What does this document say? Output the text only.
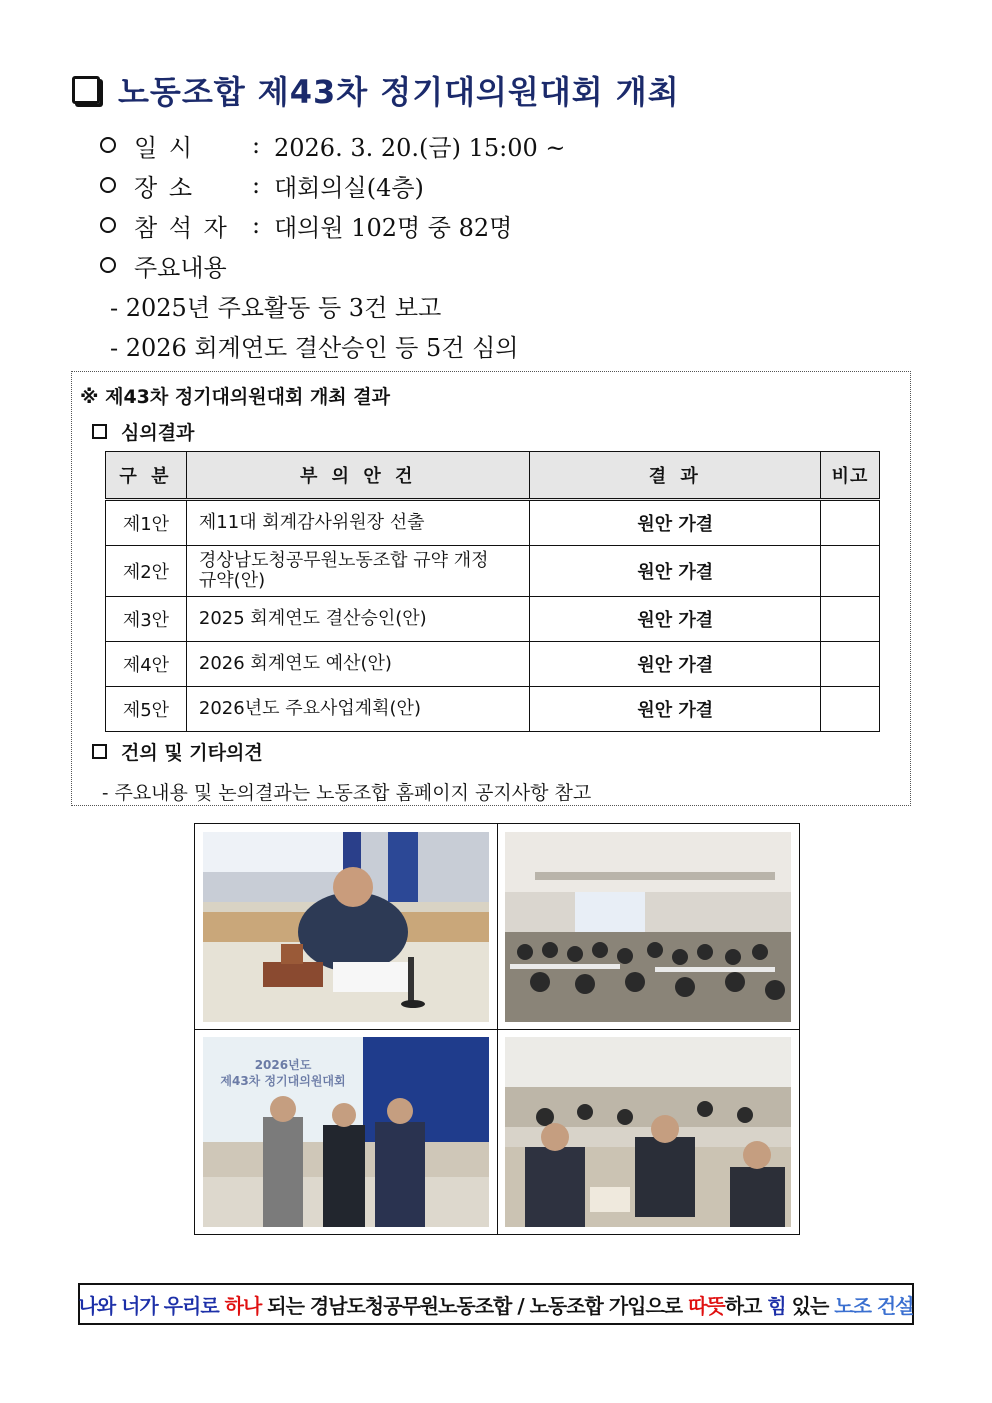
노동조합 제43차 정기대의원대회 개최
일 시	: 2026. 3. 20.(금) 15:00 ~
장 소	: 대회의실(4층)
참 석 자 : 대의원 102명 중 82명
주요내용
- 2025년 주요활동 등 3건 보고
- 2026 회계연도 결산승인 등 5건 심의
※ 제43차 정기대의원대회 개최 결과
심의결과
구 분	부 의 안 건	결 과	비고
제1안	제11대 회계감사위원장 선출	원안 가결	
제2안	경상남도청공무원노동조합 규약 개정규약(안)	원안 가결	
제3안	2025 회계연도 결산승인(안)	원안 가결	
제4안	2026 회계연도 예산(안)	원안 가결	
제5안	2026년도 주요사업계획(안)	원안 가결	
건의 및 기타의견
- 주요내용 및 논의결과는 노동조합 홈페이지 공지사항 참고
2026년도
제43차 정기대의원대회
나와 너가 우리로 하나 되는 경남도청공무원노동조합 / 노동조합 가입으로 따뜻 하고 힘 있는 노조 건설
